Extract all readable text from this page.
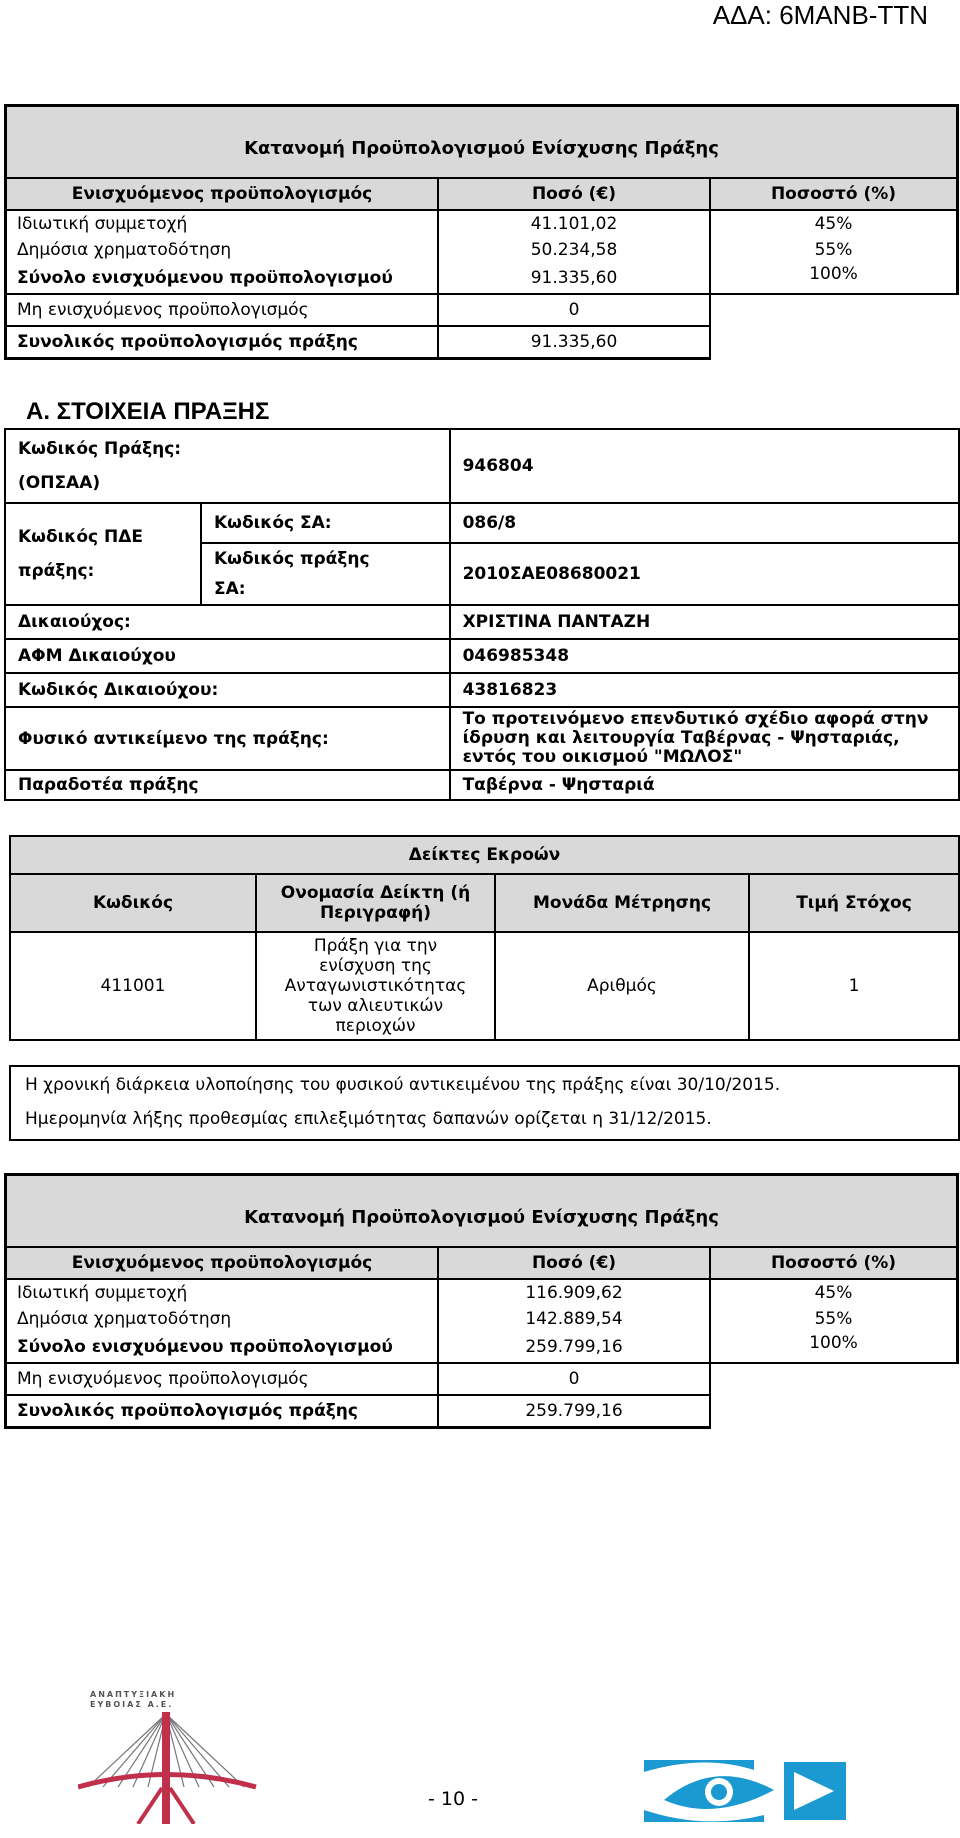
ΑΔΑ: 6ΜΑΝΒ-ΤΤΝ
Κατανομή Προϋπολογισμού Ενίσχυσης Πράξης		
Ενισχυόμενος προϋπολογισμός	Ποσό (€)	Ποσοστό (%)
Ιδιωτική συμμετοχή	41.101,02	45%
Δημόσια χρηματοδότηση	50.234,58	55%
Σύνολο ενισχυόμενου προϋπολογισμού	91.335,60	100%
Μη ενισχυόμενος προϋπολογισμός	0	
Συνολικός προϋπολογισμός πράξης	91.335,60	
Α. ΣΤΟΙΧΕΙΑ ΠΡΑΞΗΣ
Κωδικός Πράξης:
(ΟΠΣΑΑ)		946804

Κωδικός ΠΔΕ
πράξης:	Κωδικός ΣΑ:	086/8

	Κωδικός πράξης
ΣΑ:	2010ΣΑΕ08680021
Δικαιούχος:		ΧΡΙΣΤΙΝΑ ΠΑΝΤΑΖΗ
ΑΦΜ Δικαιούχου		046985348
Κωδικός Δικαιούχου:		43816823
Φυσικό αντικείμενο της πράξης:		Το προτεινόμενο επενδυτικό σχέδιο αφορά στην
ίδρυση και λειτουργία Ταβέρνας - Ψησταριάς,
εντός του οικισμού "ΜΩΛΟΣ"

Παραδοτέα πράξης		Ταβέρνα - Ψησταριά
Δείκτες Εκροών			
Κωδικός	Ονομασία Δείκτη (ή
Περιγραφή)	Μονάδα Μέτρησης	Τιμή Στόχος
411001	Πράξη για την
ενίσχυση της
Ανταγωνιστικότητας
των αλιευτικών
περιοχών	Αριθμός	1
Η χρονική διάρκεια υλοποίησης του φυσικού αντικειμένου της πράξης είναι 30/10/2015.
Ημερομηνία λήξης προθεσμίας επιλεξιμότητας δαπανών ορίζεται η 31/12/2015.
Κατανομή Προϋπολογισμού Ενίσχυσης Πράξης		
Ενισχυόμενος προϋπολογισμός	Ποσό (€)	Ποσοστό (%)
Ιδιωτική συμμετοχή	116.909,62	45%
Δημόσια χρηματοδότηση	142.889,54	55%
Σύνολο ενισχυόμενου προϋπολογισμού	259.799,16	100%
Μη ενισχυόμενος προϋπολογισμός	0	
Συνολικός προϋπολογισμός πράξης	259.799,16	
ΑΝΑΠΤΥΞΙΑΚΗ
ΕΥΒΟΙΑΣ Α.Ε.
- 10 -
